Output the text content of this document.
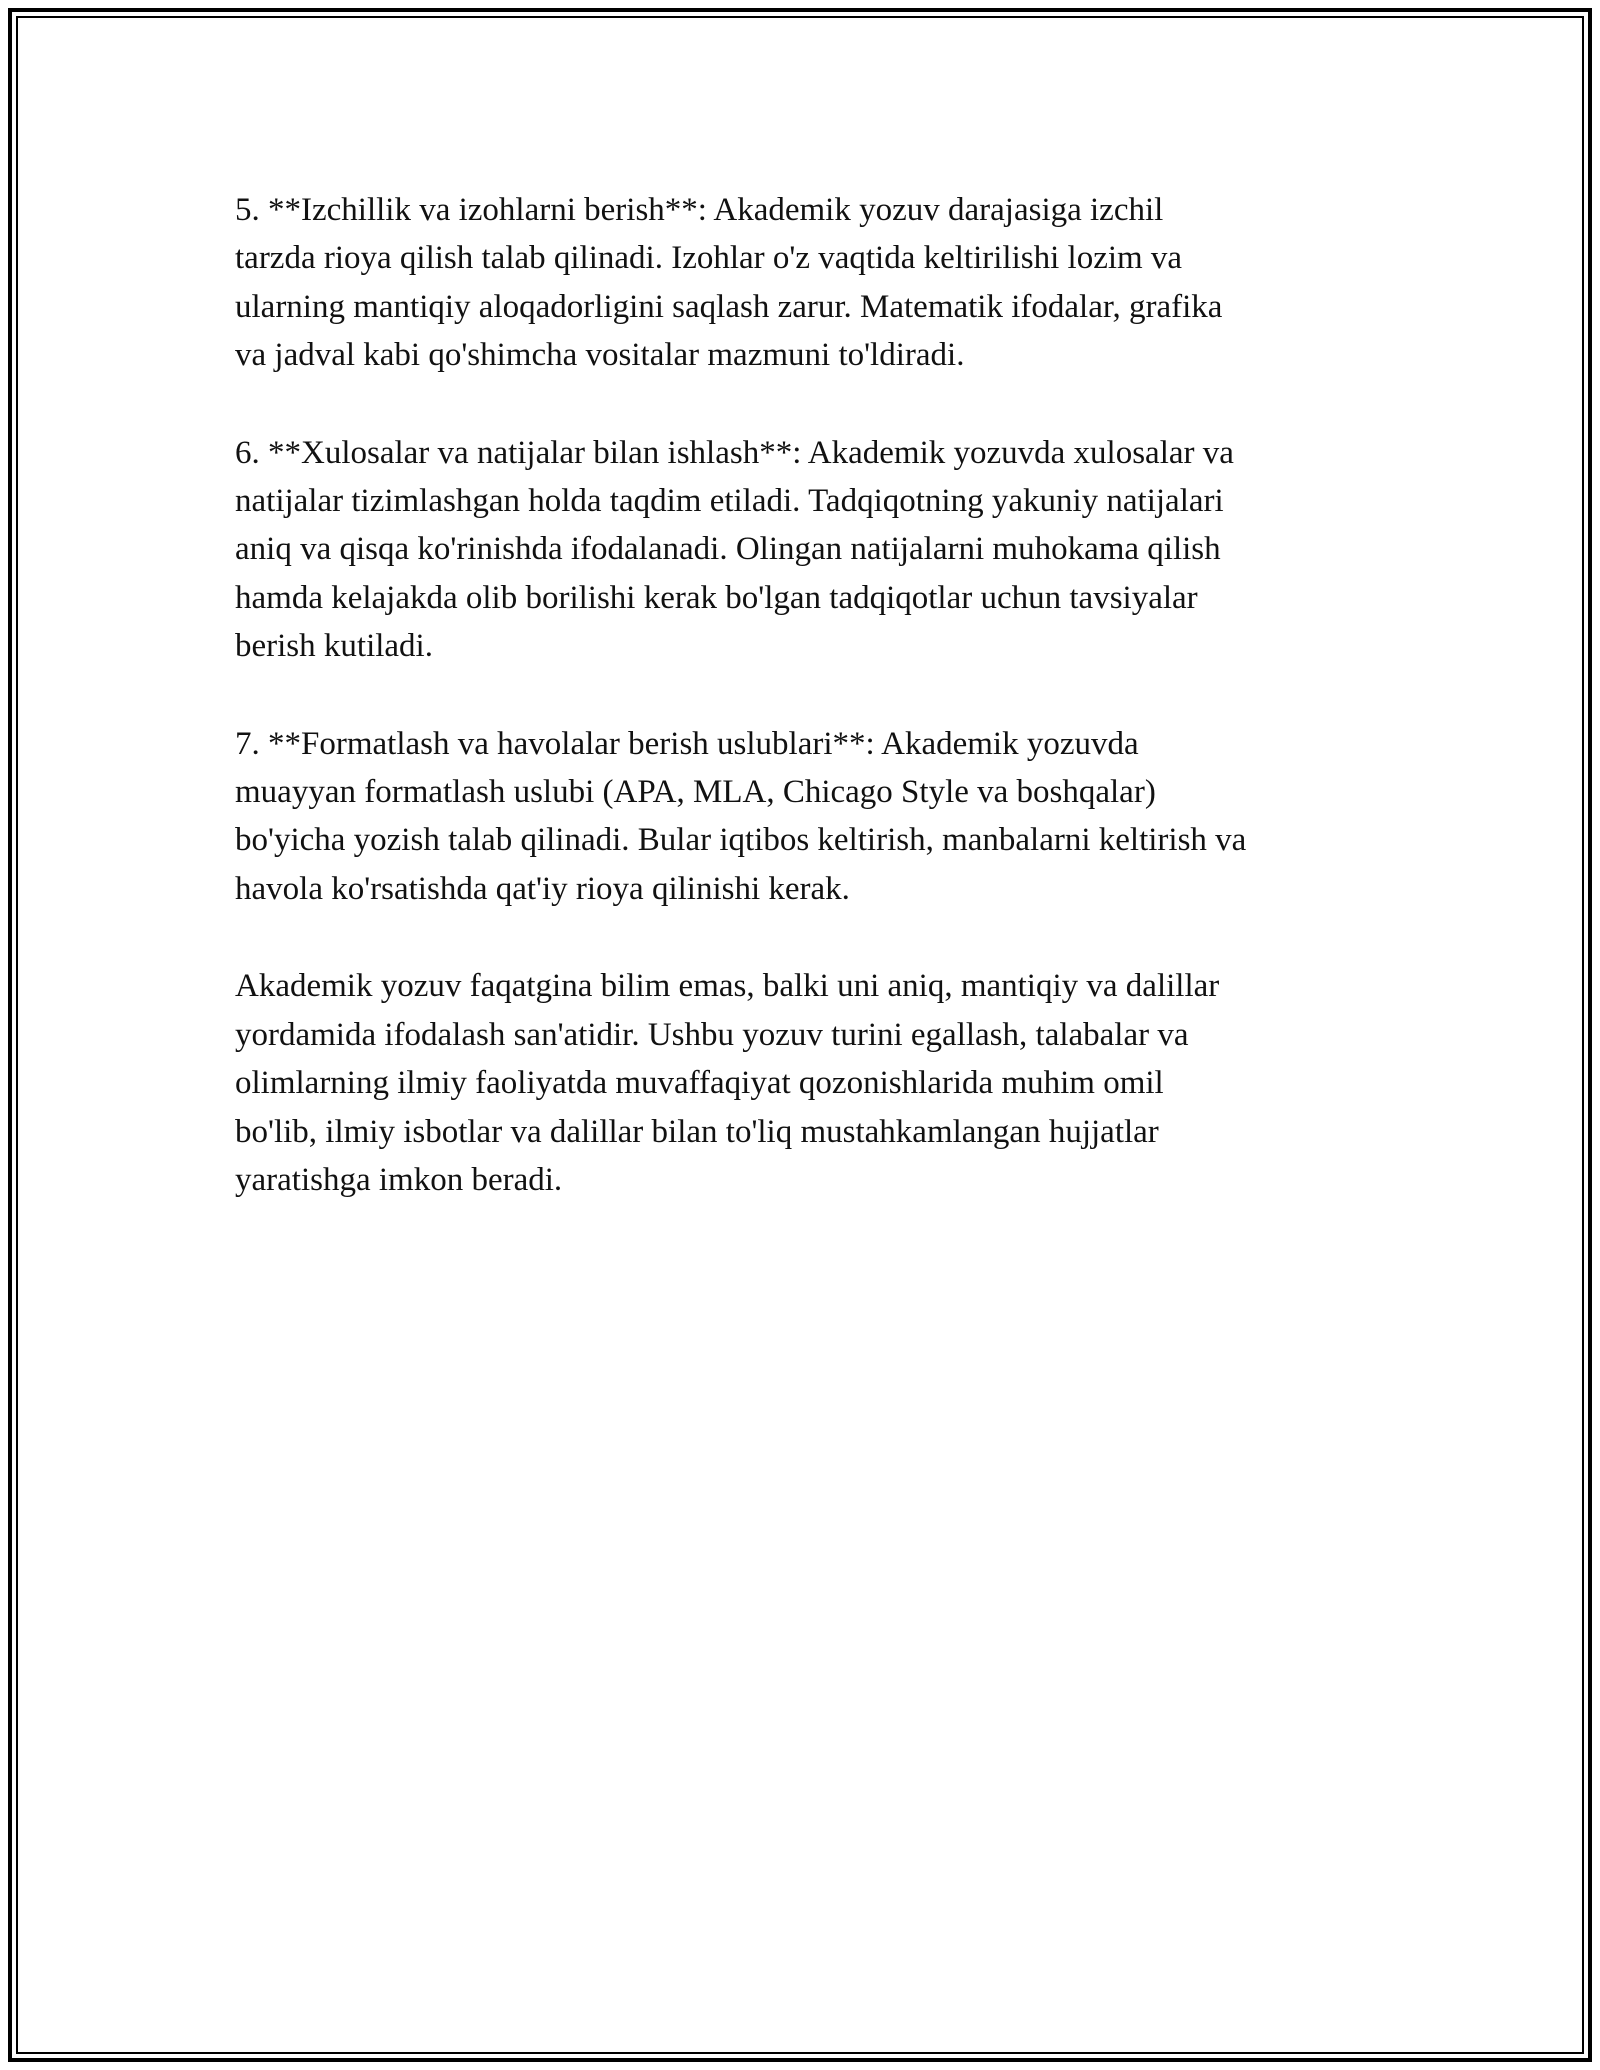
5. **Izchillik va izohlarni berish**: Akademik yozuv darajasiga izchil
tarzda rioya qilish talab qilinadi. Izohlar o'z vaqtida keltirilishi lozim va
ularning mantiqiy aloqadorligini saqlash zarur. Matematik ifodalar, grafika
va jadval kabi qo'shimcha vositalar mazmuni to'ldiradi.

6. **Xulosalar va natijalar bilan ishlash**: Akademik yozuvda xulosalar va
natijalar tizimlashgan holda taqdim etiladi. Tadqiqotning yakuniy natijalari
aniq va qisqa ko'rinishda ifodalanadi. Olingan natijalarni muhokama qilish
hamda kelajakda olib borilishi kerak bo'lgan tadqiqotlar uchun tavsiyalar
berish kutiladi.

7. **Formatlash va havolalar berish uslublari**: Akademik yozuvda
muayyan formatlash uslubi (APA, MLA, Chicago Style va boshqalar)
bo'yicha yozish talab qilinadi. Bular iqtibos keltirish, manbalarni keltirish va
havola ko'rsatishda qat'iy rioya qilinishi kerak.

Akademik yozuv faqatgina bilim emas, balki uni aniq, mantiqiy va dalillar
yordamida ifodalash san'atidir. Ushbu yozuv turini egallash, talabalar va
olimlarning ilmiy faoliyatda muvaffaqiyat qozonishlarida muhim omil
bo'lib, ilmiy isbotlar va dalillar bilan to'liq mustahkamlangan hujjatlar
yaratishga imkon beradi.
